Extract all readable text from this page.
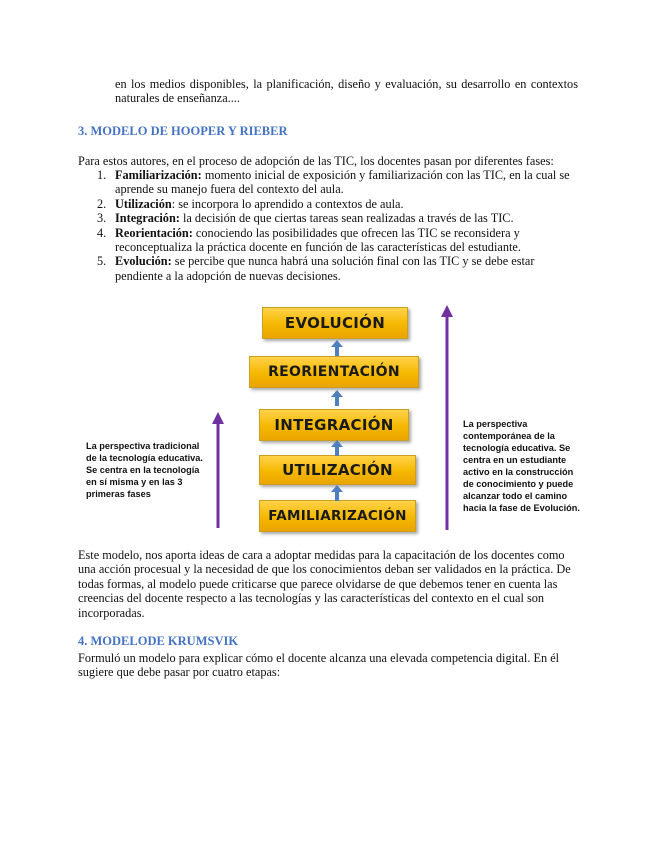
en los medios disponibles, la planificación, diseño y evaluación, su desarrollo en contextos naturales de enseñanza....

3. MODELO DE HOOPER Y RIEBER

Para estos autores, en el proceso de adopción de las TIC, los docentes pasan por diferentes fases:

1. Familiarización: momento inicial de exposición y familiarización con las TIC, en la cual se aprende su manejo fuera del contexto del aula.
2. Utilización: se incorpora lo aprendido a contextos de aula.
3. Integración: la decisión de que ciertas tareas sean realizadas a través de las TIC.
4. Reorientación: conociendo las posibilidades que ofrecen las TIC se reconsidera y reconceptualiza la práctica docente en función de las características del estudiante.
5. Evolución: se percibe que nunca habrá una solución final con las TIC y se debe estar pendiente a la adopción de nuevas decisiones.
EVOLUCIÓN
REORIENTACIÓN
INTEGRACIÓN
UTILIZACIÓN
FAMILIARIZACIÓN
La perspectiva tradicional de la tecnología educativa. Se centra en la tecnología en sí misma y en las 3 primeras fases
La perspectiva contemporánea de la tecnología educativa. Se centra en un estudiante activo en la construcción de conocimiento y puede alcanzar todo el camino hacia la fase de Evolución.

Este modelo, nos aporta ideas de cara a adoptar medidas para la capacitación de los docentes como una acción procesual y la necesidad de que los conocimientos deban ser validados en la práctica. De todas formas, al modelo puede criticarse que parece olvidarse de que debemos tener en cuenta las creencias del docente respecto a las tecnologías y las características del contexto en el cual son incorporadas.

4. MODELODE KRUMSVIK

Formuló un modelo para explicar cómo el docente alcanza una elevada competencia digital. En él sugiere que debe pasar por cuatro etapas:
